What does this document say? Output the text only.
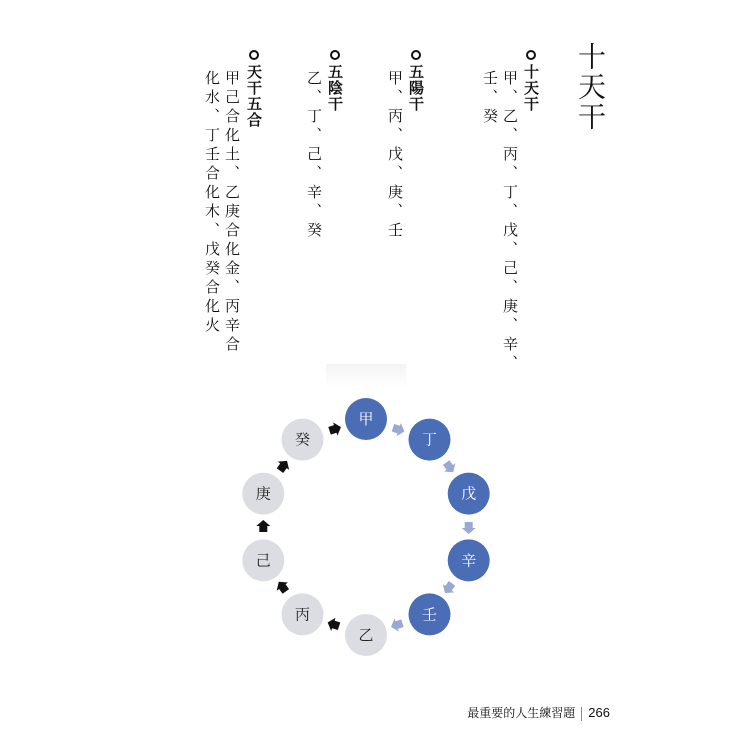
十天干
十天干
甲、乙、丙、丁、戊、己、庚、辛、
壬、癸
五陽干
甲、丙、戊、庚、壬
五陰干
乙、丁、己、辛、癸
天干五合
甲己合化土、乙庚合化金、丙辛合
化水、丁壬合化木、戊癸合化火
甲
丁
戊
辛
壬
乙
丙
己
庚
癸
最重要的人生練習題 266
